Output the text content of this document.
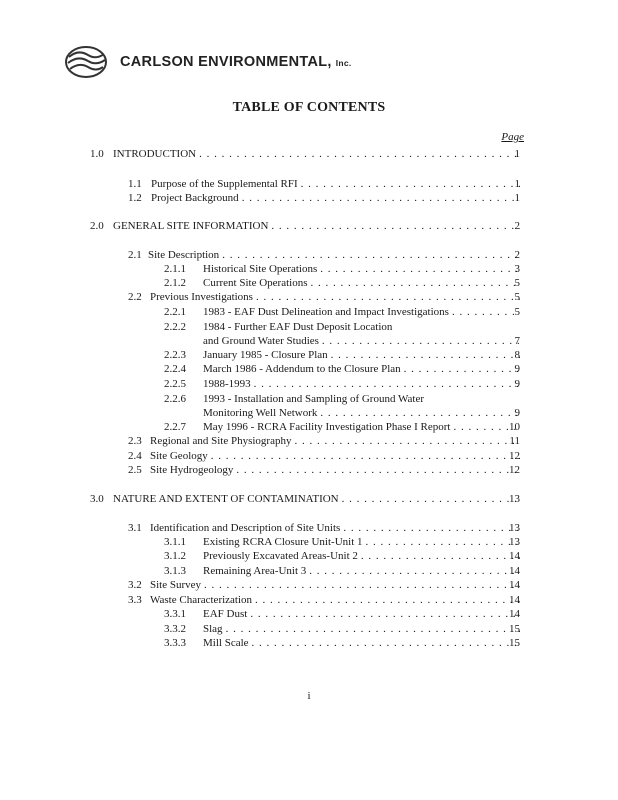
CARLSON ENVIRONMENTAL, Inc.
TABLE OF CONTENTS
Page
1.0 INTRODUCTION	1
. . .
1.1 Purpose of the Supplemental RFI	1
. . .
1.2 Project Background	1
. . .
2.0 GENERAL SITE INFORMATION	2
. . .
2.1 Site Description	2
. . .
2.1.1 Historical Site Operations	3
. . .
2.1.2 Current Site Operations	5
. . .
2.2 Previous Investigations	5
. . .
2.2.1 1983 - EAF Dust Delineation and Impact Investigations	5
. . .
2.2.2 1984 - Further EAF Dust Deposit Location
and Ground Water Studies	7
. . .
2.2.3 January 1985 - Closure Plan	8
. . .
2.2.4 March 1986 - Addendum to the Closure Plan	9
. . .
2.2.5 1988-1993	9
. . .
2.2.6 1993 - Installation and Sampling of Ground Water
Monitoring Well Network	9
. . .
2.2.7 May 1996 - RCRA Facility Investigation Phase I Report	10
. . .
2.3 Regional and Site Physiography	11
. . .
2.4 Site Geology	12
. . .
2.5 Site Hydrogeology	12
. . .
3.0 NATURE AND EXTENT OF CONTAMINATION	13
. . .
3.1 Identification and Description of Site Units	13
. . .
3.1.1 Existing RCRA Closure Unit-Unit 1	13
. . .
3.1.2 Previously Excavated Areas-Unit 2	14
. . .
3.1.3 Remaining Area-Unit 3	14
. . .
3.2 Site Survey	14
. . .
3.3 Waste Characterization	14
. . .
3.3.1 EAF Dust	14
. . .
3.3.2 Slag	15
. . .
3.3.3 Mill Scale	15
. . .
i
